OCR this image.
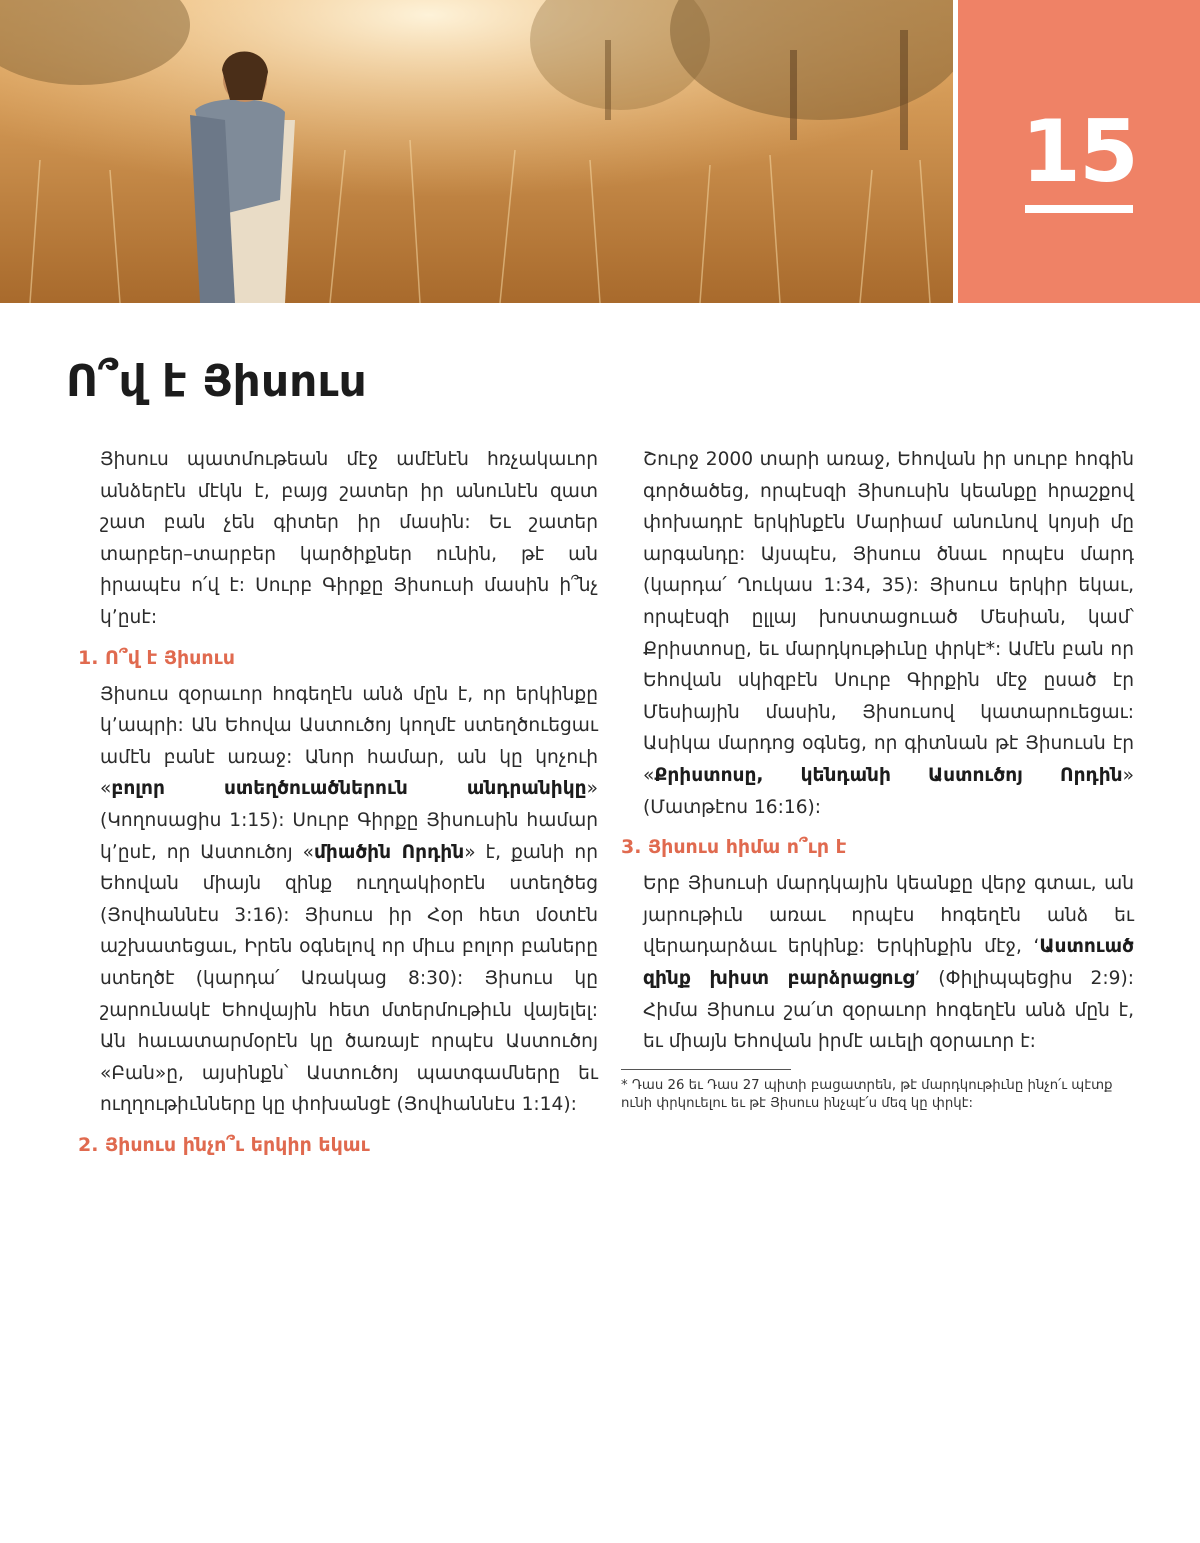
15
Ո՞վ է Յիսուս

Յիսուս պատմութեան մէջ ամէնէն հռչակաւոր անձերէն մէկն է, բայց շատեր իր անունէն զատ շատ բան չեն գիտեր իր մասին: Եւ շատեր տարբեր–տարբեր կարծիքներ ունին, թէ ան իրապէս ո՛վ է: Սուրբ Գիրքը Յիսուսի մասին ի՞նչ կ՚ըսէ:

1. Ո՞վ է Յիսուս

Յիսուս զօրաւոր հոգեղէն անձ մըն է, որ երկինքը կ՚ապրի: Ան Եհովա Աստուծոյ կողմէ ստեղծուեցաւ ամէն բանէ առաջ: Անոր համար, ան կը կոչուի «բոլոր ստեղծուածներուն անդրանիկը» (Կողոսացիս 1:15): Սուրբ Գիրքը Յիսուսին համար կ՚ըսէ, որ Աստուծոյ «միածին Որդին» է, քանի որ Եհովան միայն զինք ուղղակիօրէն ստեղծեց (Յովհաննէս 3:16): Յիսուս իր Հօր հետ մօտէն աշխատեցաւ, Իրեն օգնելով որ միւս բոլոր բաները ստեղծէ (կարդա՛ Առակաց 8:30): Յիսուս կը շարունակէ Եհովային հետ մտերմութիւն վայելել: Ան հաւատարմօրէն կը ծառայէ որպէս Աստուծոյ «Բան»ը, այսինքն՝ Աստուծոյ պատգամները եւ ուղղութիւնները կը փոխանցէ (Յովհաննէս 1:14):

2. Յիսուս ինչո՞ւ երկիր եկաւ

Շուրջ 2000 տարի առաջ, Եհովան իր սուրբ հոգին գործածեց, որպէսզի Յիսուսին կեանքը հրաշքով փոխադրէ երկինքէն Մարիամ անունով կոյսի մը արգանդը: Այսպէս, Յիսուս ծնաւ որպէս մարդ (կարդա՛ Ղուկաս 1:34, 35): Յիսուս երկիր եկաւ, որպէսզի ըլլայ խոստացուած Մեսիան, կամ՝ Քրիստոսը, եւ մարդկութիւնը փրկէ*: Ամէն բան որ Եհովան սկիզբէն Սուրբ Գիրքին մէջ ըսած էր Մեսիային մասին, Յիսուսով կատարուեցաւ: Ասիկա մարդոց օգնեց, որ գիտնան թէ Յիսուսն էր «Քրիստոսը, կենդանի Աստուծոյ Որդին» (Մատթէոս 16:16):

3. Յիսուս հիմա ո՞ւր է

Երբ Յիսուսի մարդկային կեանքը վերջ գտաւ, ան յարութիւն առաւ որպէս հոգեղէն անձ եւ վերադարձաւ երկինք: Երկինքին մէջ, ‘Աստուած զինք խիստ բարձրացուց’ (Փիլիպպեցիս 2:9): Հիմա Յիսուս շա՛տ զօրաւոր հոգեղէն անձ մըն է, եւ միայն Եհովան իրմէ աւելի զօրաւոր է:

* Դաս 26 եւ Դաս 27 պիտի բացատրեն, թէ մարդկութիւնը ինչո՛ւ պէտք ունի փրկուելու եւ թէ Յիսուս ինչպէ՛ս մեզ կը փրկէ:
